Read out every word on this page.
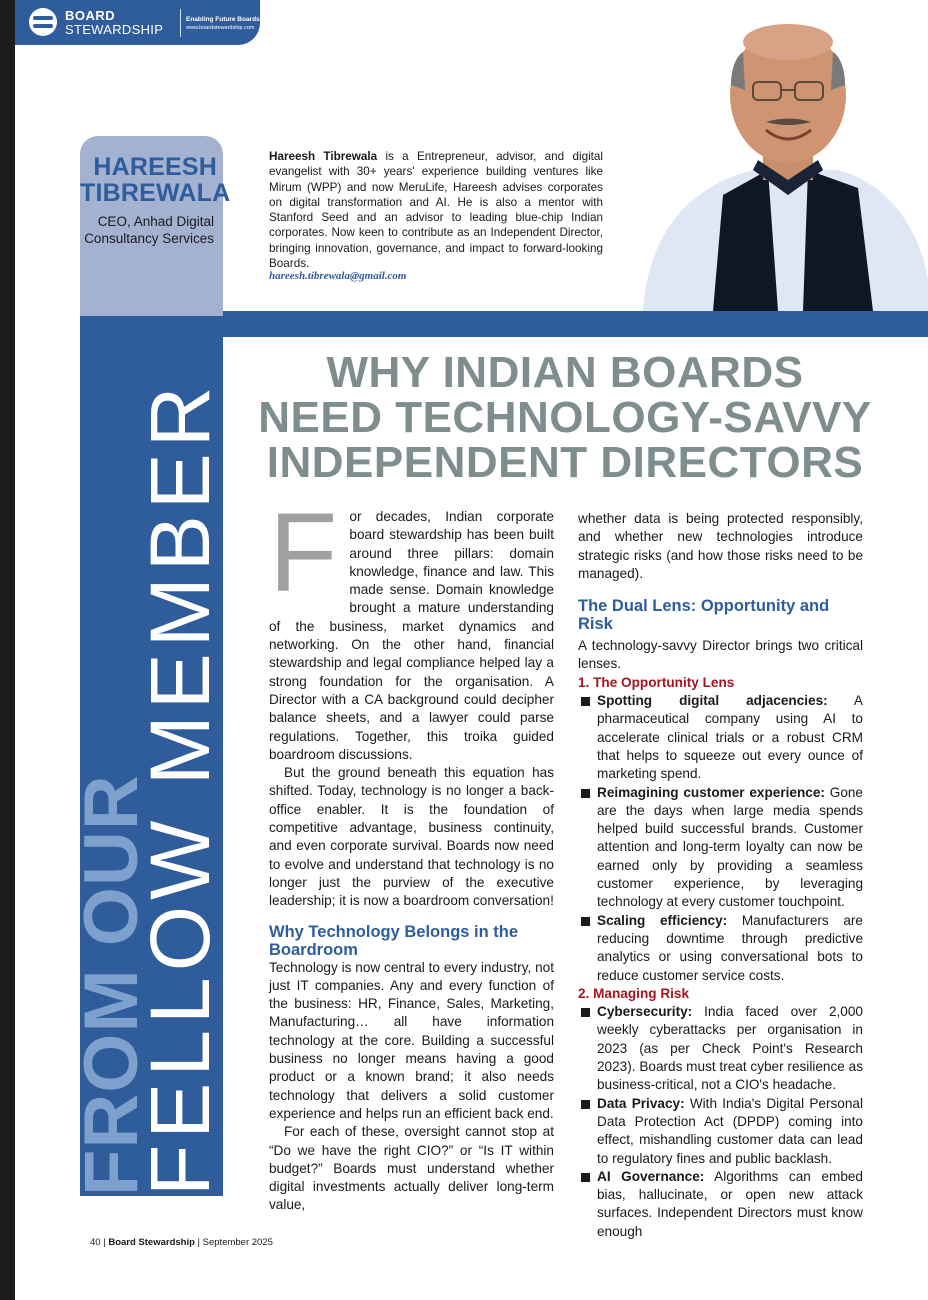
BOARD
STEWARDSHIP
Enabling Future Boards
www.boardstewardship.com
HAREESH
TIBREWALA
CEO, Anhad Digital
Consultancy Services
FROM OUR
FELLOW MEMBER
Hareesh Tibrewala is a Entrepreneur, advisor, and digital evangelist with 30+ years' experience building ventures like Mirum (WPP) and now MeruLife, Hareesh advises corporates on digital transformation and AI. He is also a mentor with Stanford Seed and an advisor to leading blue-chip Indian corporates. Now keen to contribute as an Independent Director, bringing innovation, governance, and impact to forward-looking Boards.
hareesh.tibrewala@gmail.com
WHY INDIAN BOARDS
NEED TECHNOLOGY-SAVVY
INDEPENDENT DIRECTORS

For decades, Indian corporate board stewardship has been built around three pillars: domain knowledge, finance and law. This made sense. Domain knowledge brought a mature understanding of the business, market dynamics and networking. On the other hand, financial stewardship and legal compliance helped lay a strong foundation for the organisation. A Director with a CA background could decipher balance sheets, and a lawyer could parse regulations. Together, this troika guided boardroom discussions.

But the ground beneath this equation has shifted. Today, technology is no longer a back-office enabler. It is the foundation of competitive advantage, business continuity, and even corporate survival. Boards now need to evolve and understand that technology is no longer just the purview of the executive leadership; it is now a boardroom conversation!

Why Technology Belongs in the Boardroom

Technology is now central to every industry, not just IT companies. Any and every function of the business: HR, Finance, Sales, Marketing, Manufacturing… all have information technology at the core. Building a successful business no longer means having a good product or a known brand; it also needs technology that delivers a solid customer experience and helps run an efficient back end.

For each of these, oversight cannot stop at “Do we have the right CIO?” or “Is IT within budget?” Boards must understand whether digital investments actually deliver long-term value,

whether data is being protected responsibly, and whether new technologies introduce strategic risks (and how those risks need to be managed).

The Dual Lens: Opportunity and Risk

A technology-savvy Director brings two critical lenses.

1. The Opportunity Lens

Spotting digital adjacencies: A pharmaceutical company using AI to accelerate clinical trials or a robust CRM that helps to squeeze out every ounce of marketing spend.
Reimagining customer experience: Gone are the days when large media spends helped build successful brands. Customer attention and long-term loyalty can now be earned only by providing a seamless customer experience, by leveraging technology at every customer touchpoint.
Scaling efficiency: Manufacturers are reducing downtime through predictive analytics or using conversational bots to reduce customer service costs.

2. Managing Risk

Cybersecurity: India faced over 2,000 weekly cyberattacks per organisation in 2023 (as per Check Point's Research 2023). Boards must treat cyber resilience as business-critical, not a CIO's headache.
Data Privacy: With India's Digital Personal Data Protection Act (DPDP) coming into effect, mishandling customer data can lead to regulatory fines and public backlash.
AI Governance: Algorithms can embed bias, hallucinate, or open new attack surfaces. Independent Directors must know enough
40 | Board Stewardship | September 2025
